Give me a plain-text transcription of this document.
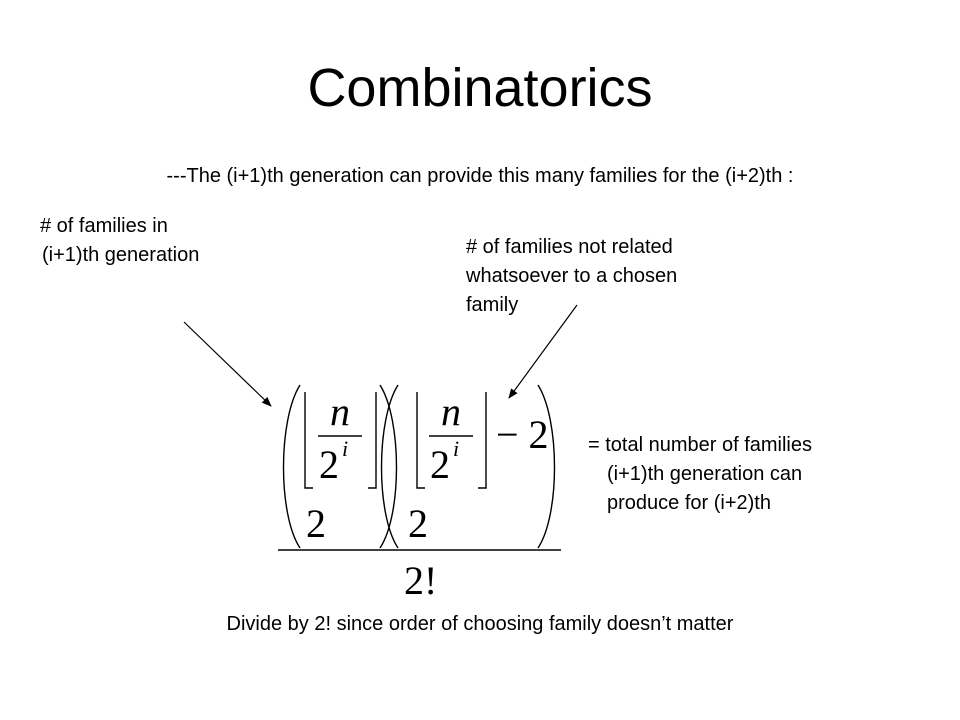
Combinatorics
---The (i+1)th generation can provide this many families for the (i+2)th :

# of families in
(i+1)th generation	# of families not related
whatsoever to a chosen
family

= total number of families
(i+1)th generation can
produce for (i+2)th

n
2 i
2
n
2 i − 2
2
2!
Divide by 2! since order of choosing family doesn’t matter
